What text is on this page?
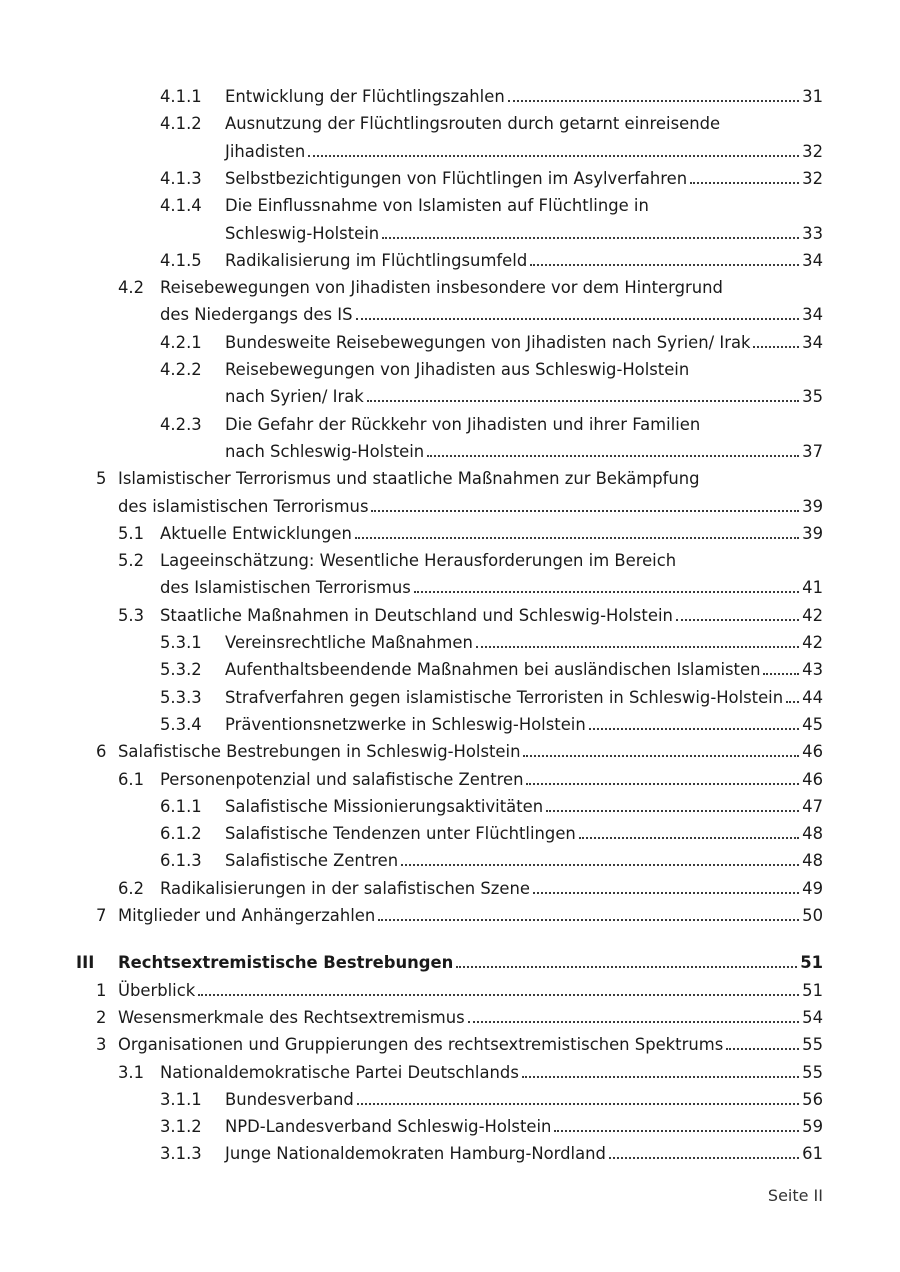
4.1.1 Entwicklung der Flüchtlingszahlen	31
4.1.2 Ausnutzung der Flüchtlingsrouten durch getarnt einreisende
Jihadisten	32
4.1.3 Selbstbezichtigungen von Flüchtlingen im Asylverfahren	32
4.1.4 Die Einflussnahme von Islamisten auf Flüchtlinge in
Schleswig-Holstein	33
4.1.5 Radikalisierung im Flüchtlingsumfeld	34
4.2 Reisebewegungen von Jihadisten insbesondere vor dem Hintergrund
des Niedergangs des IS	34
4.2.1 Bundesweite Reisebewegungen von Jihadisten nach Syrien/ Irak	34
4.2.2 Reisebewegungen von Jihadisten aus Schleswig-Holstein
nach Syrien/ Irak	35
4.2.3 Die Gefahr der Rückkehr von Jihadisten und ihrer Familien
nach Schleswig-Holstein	37
5 Islamistischer Terrorismus und staatliche Maßnahmen zur Bekämpfung
des islamistischen Terrorismus	39
5.1 Aktuelle Entwicklungen	39
5.2 Lageeinschätzung: Wesentliche Herausforderungen im Bereich
des Islamistischen Terrorismus	41
5.3 Staatliche Maßnahmen in Deutschland und Schleswig-Holstein	42
5.3.1 Vereinsrechtliche Maßnahmen	42
5.3.2 Aufenthaltsbeendende Maßnahmen bei ausländischen Islamisten	43
5.3.3 Strafverfahren gegen islamistische Terroristen in Schleswig-Holstein 44
5.3.4 Präventionsnetzwerke in Schleswig-Holstein	45
6 Salafistische Bestrebungen in Schleswig-Holstein	46
6.1 Personenpotenzial und salafistische Zentren	46
6.1.1 Salafistische Missionierungsaktivitäten	47
6.1.2 Salafistische Tendenzen unter Flüchtlingen	48
6.1.3 Salafistische Zentren	48
6.2 Radikalisierungen in der salafistischen Szene	49
7 Mitglieder und Anhängerzahlen	50
III Rechtsextremistische Bestrebungen	51
1 Überblick	51
2 Wesensmerkmale des Rechtsextremismus	54
3 Organisationen und Gruppierungen des rechtsextremistischen Spektrums	55
3.1 Nationaldemokratische Partei Deutschlands	55
3.1.1 Bundesverband	56
3.1.2 NPD-Landesverband Schleswig-Holstein	59
3.1.3 Junge Nationaldemokraten Hamburg-Nordland	61
Seite II
